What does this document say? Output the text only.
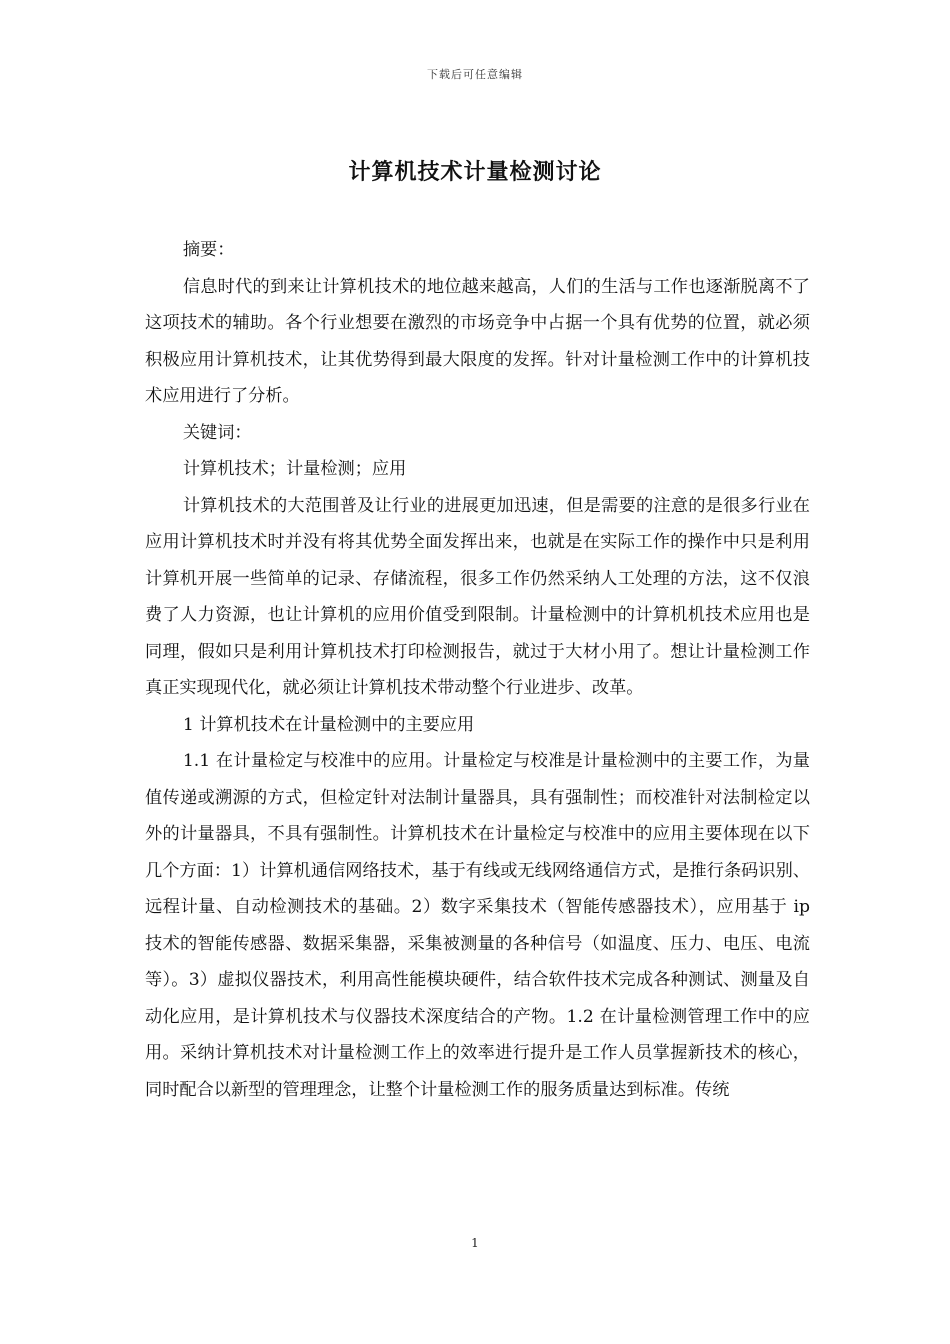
下载后可任意编辑
计算机技术计量检测讨论

摘要：

信息时代的到来让计算机技术的地位越来越高，人们的生活与工作也逐渐脱离不了这项技术的辅助。各个行业想要在激烈的市场竞争中占据一个具有优势的位置，就必须积极应用计算机技术，让其优势得到最大限度的发挥。针对计量检测工作中的计算机技术应用进行了分析。

关键词：

计算机技术；计量检测；应用

计算机技术的大范围普及让行业的进展更加迅速，但是需要的注意的是很多行业在应用计算机技术时并没有将其优势全面发挥出来，也就是在实际工作的操作中只是利用计算机开展一些简单的记录、存储流程，很多工作仍然采纳人工处理的方法，这不仅浪费了人力资源，也让计算机的应用价值受到限制。计量检测中的计算机机技术应用也是同理，假如只是利用计算机技术打印检测报告，就过于大材小用了。想让计量检测工作真正实现现代化，就必须让计算机技术带动整个行业进步、改革。

1 计算机技术在计量检测中的主要应用

1.1 在计量检定与校准中的应用。计量检定与校准是计量检测中的主要工作，为量值传递或溯源的方式，但检定针对法制计量器具，具有强制性；而校准针对法制检定以外的计量器具，不具有强制性。计算机技术在计量检定与校准中的应用主要体现在以下几个方面：1）计算机通信网络技术，基于有线或无线网络通信方式，是推行条码识别、远程计量、自动检测技术的基础。2）数字采集技术（智能传感器技术），应用基于 ip 技术的智能传感器、数据采集器，采集被测量的各种信号（如温度、压力、电压、电流等）。3）虚拟仪器技术，利用高性能模块硬件，结合软件技术完成各种测试、测量及自动化应用，是计算机技术与仪器技术深度结合的产物。1.2 在计量检测管理工作中的应用。采纳计算机技术对计量检测工作上的效率进行提升是工作人员掌握新技术的核心，同时配合以新型的管理理念，让整个计量检测工作的服务质量达到标准。传统

1
